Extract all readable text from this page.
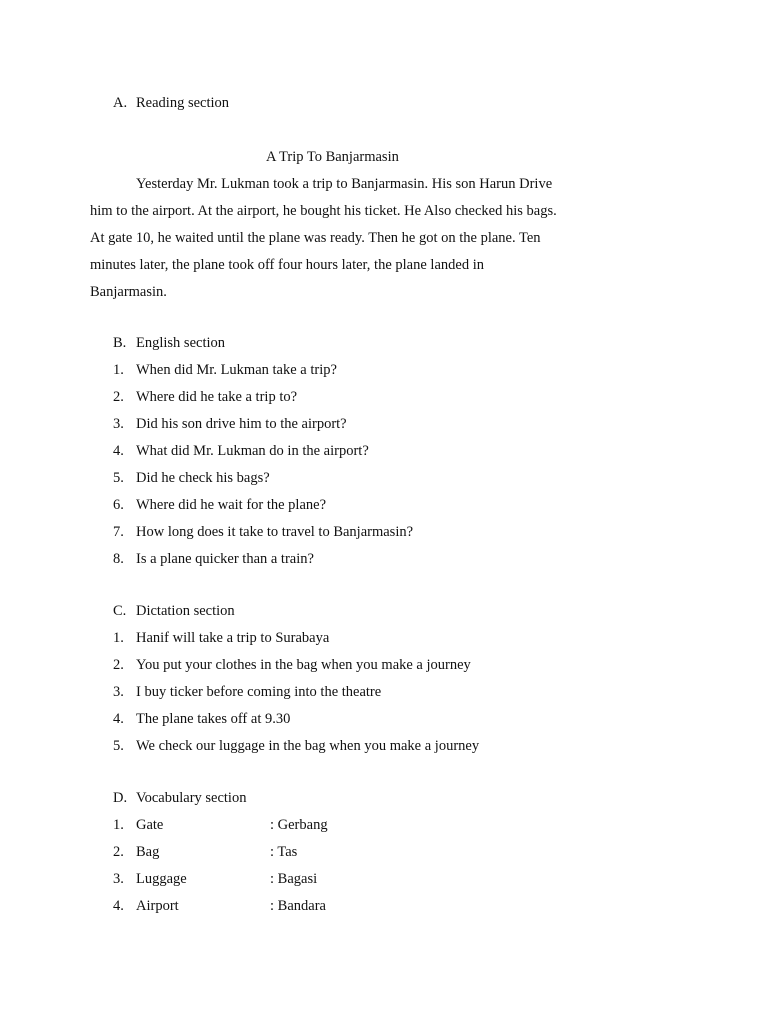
A. Reading section
A Trip To Banjarmasin
Yesterday Mr. Lukman took a trip to Banjarmasin. His son Harun Drive
him to the airport. At the airport, he bought his ticket. He Also checked his bags.
At gate 10, he waited until the plane was ready. Then he got on the plane. Ten
minutes later, the plane took off four hours later, the plane landed in
Banjarmasin.
B. English section
1. When did Mr. Lukman take a trip?
2. Where did he take a trip to?
3. Did his son drive him to the airport?
4. What did Mr. Lukman do in the airport?
5. Did he check his bags?
6. Where did he wait for the plane?
7. How long does it take to travel to Banjarmasin?
8. Is a plane quicker than a train?
C. Dictation section
1. Hanif will take a trip to Surabaya
2. You put your clothes in the bag when you make a journey
3. I buy ticker before coming into the theatre
4. The plane takes off at 9.30
5. We check our luggage in the bag when you make a journey
D. Vocabulary section
1. Gate	: Gerbang
2. Bag	: Tas
3. Luggage	: Bagasi
4. Airport	: Bandara
